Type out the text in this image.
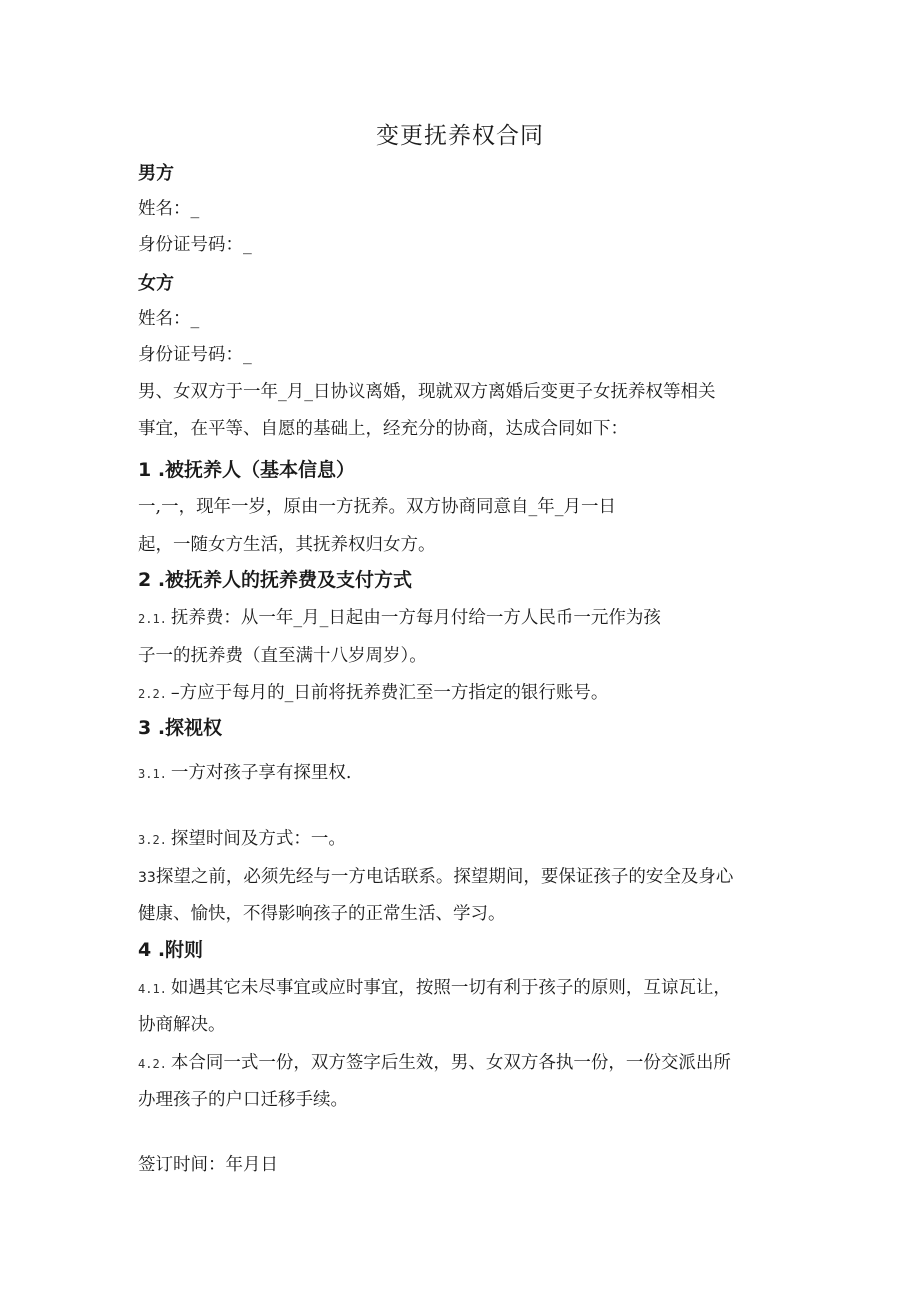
变更抚养权合同
男方
姓名：_
身份证号码：_
女方
姓名：_
身份证号码：_
男、女双方于一年_月_日协议离婚，现就双方离婚后变更子女抚养权等相关
事宜，在平等、自愿的基础上，经充分的协商，达成合同如下：
1 .被抚养人（基本信息）
一,一，现年一岁，原由一方抚养。双方协商同意自_年_月一日
起，一随女方生活，其抚养权归女方。
2 .被抚养人的抚养费及支付方式
2.1. 抚养费：从一年_月_日起由一方每月付给一方人民币一元作为孩
子一的抚养费（直至满十八岁周岁）。
2.2. –方应于每月的_日前将抚养费汇至一方指定的银行账号。
3 .探视权
3.1. 一方对孩子享有探里权.
3.2. 探望时间及方式：一。
33探望之前，必须先经与一方电话联系。探望期间，要保证孩子的安全及身心
健康、愉快，不得影响孩子的正常生活、学习。
4 .附则
4.1. 如遇其它未尽事宜或应时事宜，按照一切有利于孩子的原则，互谅瓦让，
协商解决。
4.2. 本合同一式一份，双方签字后生效，男、女双方各执一份，一份交派出所
办理孩子的户口迁移手续。
签订时间：年月日
